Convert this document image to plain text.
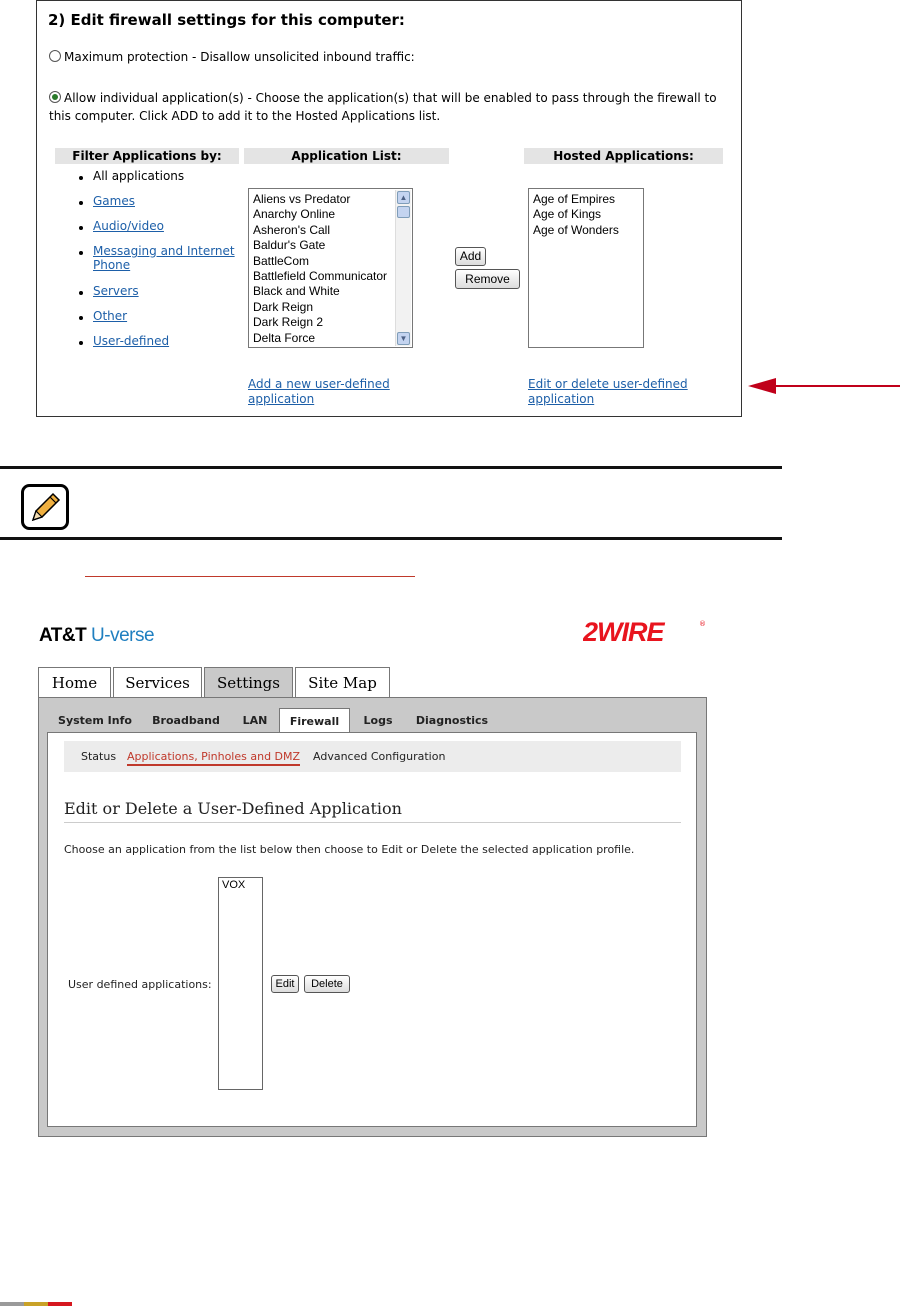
2) Edit firewall settings for this computer:
Maximum protection - Disallow unsolicited inbound traffic:
Allow individual application(s) - Choose the application(s) that will be enabled to pass through the firewall to this computer. Click ADD to add it to the Hosted Applications list.
Filter Applications by:	Application List:	Hosted Applications:
All applications
Games
Audio/video
Messaging and Internet Phone
Servers
Other
User-defined
Aliens vs Predator
Anarchy Online
Asheron's Call
Baldur's Gate
BattleCom
Battlefield Communicator
Black and White
Dark Reign
Dark Reign 2
Delta Force
▲
▼
Add
Remove
Age of Empires
Age of Kings
Age of Wonders
Add a new user-defined application
Edit or delete user-defined application
AT&T U-verse	2WIRE	®
Home	Services	Settings	Site Map
System Info	Broadband	LAN	Firewall	Logs	Diagnostics
Status Applications, Pinholes and DMZ Advanced Configuration
Edit or Delete a User-Defined Application
Choose an application from the list below then choose to Edit or Delete the selected application profile.
User defined applications:
VOX
Edit	Delete
